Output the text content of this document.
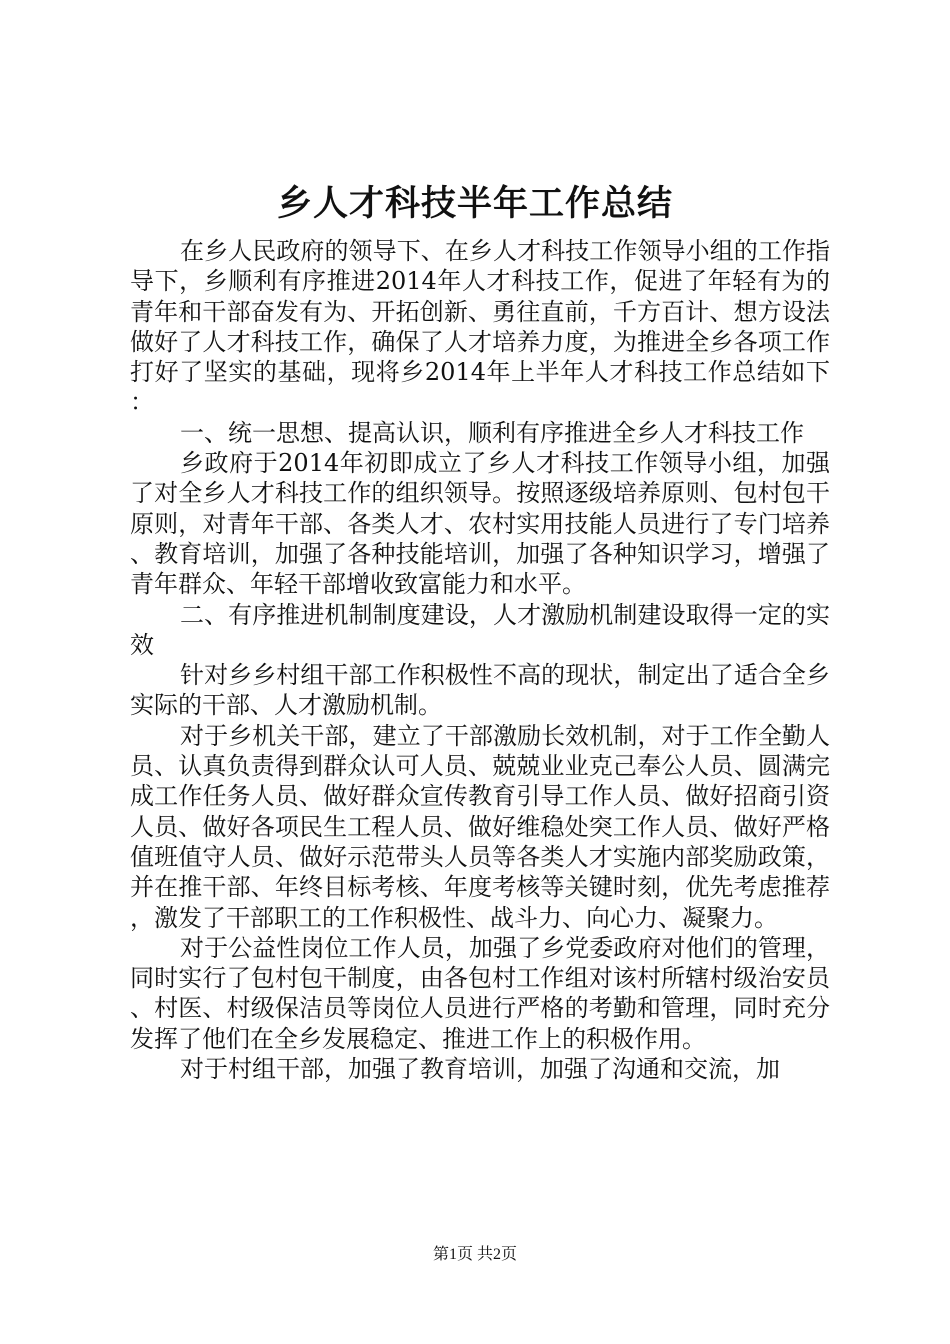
乡人才科技半年工作总结

在乡人民政府的领导下、在乡人才科技工作领导小组的工作指导下，乡顺利有序推进2014年人才科技工作，促进了年轻有为的青年和干部奋发有为、开拓创新、勇往直前，千方百计、想方设法做好了人才科技工作，确保了人才培养力度，为推进全乡各项工作打好了坚实的基础，现将乡2014年上半年人才科技工作总结如下：

一、统一思想、提高认识，顺利有序推进全乡人才科技工作

乡政府于2014年初即成立了乡人才科技工作领导小组，加强了对全乡人才科技工作的组织领导。按照逐级培养原则、包村包干原则，对青年干部、各类人才、农村实用技能人员进行了专门培养、教育培训，加强了各种技能培训，加强了各种知识学习，增强了青年群众、年轻干部增收致富能力和水平。

二、有序推进机制制度建设，人才激励机制建设取得一定的实效

针对乡乡村组干部工作积极性不高的现状，制定出了适合全乡实际的干部、人才激励机制。

对于乡机关干部，建立了干部激励长效机制，对于工作全勤人员、认真负责得到群众认可人员、兢兢业业克己奉公人员、圆满完成工作任务人员、做好群众宣传教育引导工作人员、做好招商引资人员、做好各项民生工程人员、做好维稳处突工作人员、做好严格值班值守人员、做好示范带头人员等各类人才实施内部奖励政策，并在推干部、年终目标考核、年度考核等关键时刻，优先考虑推荐，激发了干部职工的工作积极性、战斗力、向心力、凝聚力。

对于公益性岗位工作人员，加强了乡党委政府对他们的管理，同时实行了包村包干制度，由各包村工作组对该村所辖村级治安员、村医、村级保洁员等岗位人员进行严格的考勤和管理，同时充分发挥了他们在全乡发展稳定、推进工作上的积极作用。

对于村组干部，加强了教育培训，加强了沟通和交流，加

第1页 共2页
